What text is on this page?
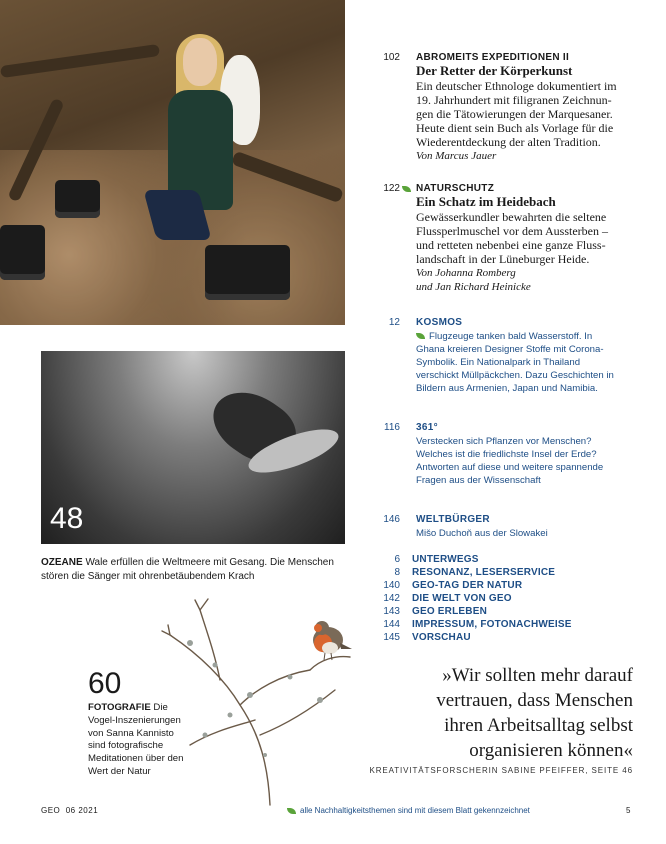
48
OZEANE Wale erfüllen die Weltmeere mit Gesang. Die Menschen stören die Sänger mit ohrenbetäubendem Krach
102 ABROMEITS EXPEDITIONEN II
Der Retter der Körperkunst
Ein deutscher Ethnologe dokumentiert im
19. Jahrhundert mit filigranen Zeichnun-
gen die Tätowierungen der Marquesaner.
Heute dient sein Buch als Vorlage für die
Wiederentdeckung der alten Tradition.
Von Marcus Jauer
122 NATURSCHUTZ
Ein Schatz im Heidebach
Gewässerkundler bewahrten die seltene
Flussperlmuschel vor dem Aussterben –
und retteten nebenbei eine ganze Fluss-
landschaft in der Lüneburger Heide.
Von Johanna Romberg
und Jan Richard Heinicke
12 KOSMOS
Flugzeuge tanken bald Wasserstoff. In
Ghana kreieren Designer Stoffe mit Corona-
Symbolik. Ein Nationalpark in Thailand
verschickt Müllpäckchen. Dazu Geschichten in
Bildern aus Armenien, Japan und Namibia.
116 361°
Verstecken sich Pflanzen vor Menschen?
Welches ist die friedlichste Insel der Erde?
Antworten auf diese und weitere spannende
Fragen aus der Wissenschaft
146 WELTBÜRGER
Mišo Duchoň aus der Slowakei
6 UNTERWEGS
8 RESONANZ, LESERSERVICE
140 GEO-TAG DER NATUR
142 DIE WELT VON GEO
143 GEO ERLEBEN
144 IMPRESSUM, FOTONACHWEISE
145 VORSCHAU
60
FOTOGRAFIE Die Vogel-Inszenierungen von Sanna Kannisto sind fotografische Meditationen über den Wert der Natur
»Wir sollten mehr darauf
vertrauen, dass Menschen
ihren Arbeitsalltag selbst
organisieren können«
KREATIVITÄTSFORSCHERIN SABINE PFEIFFER, SEITE 46
GEO  06 2021	alle Nachhaltigkeitsthemen sind mit diesem Blatt gekennzeichnet	5
